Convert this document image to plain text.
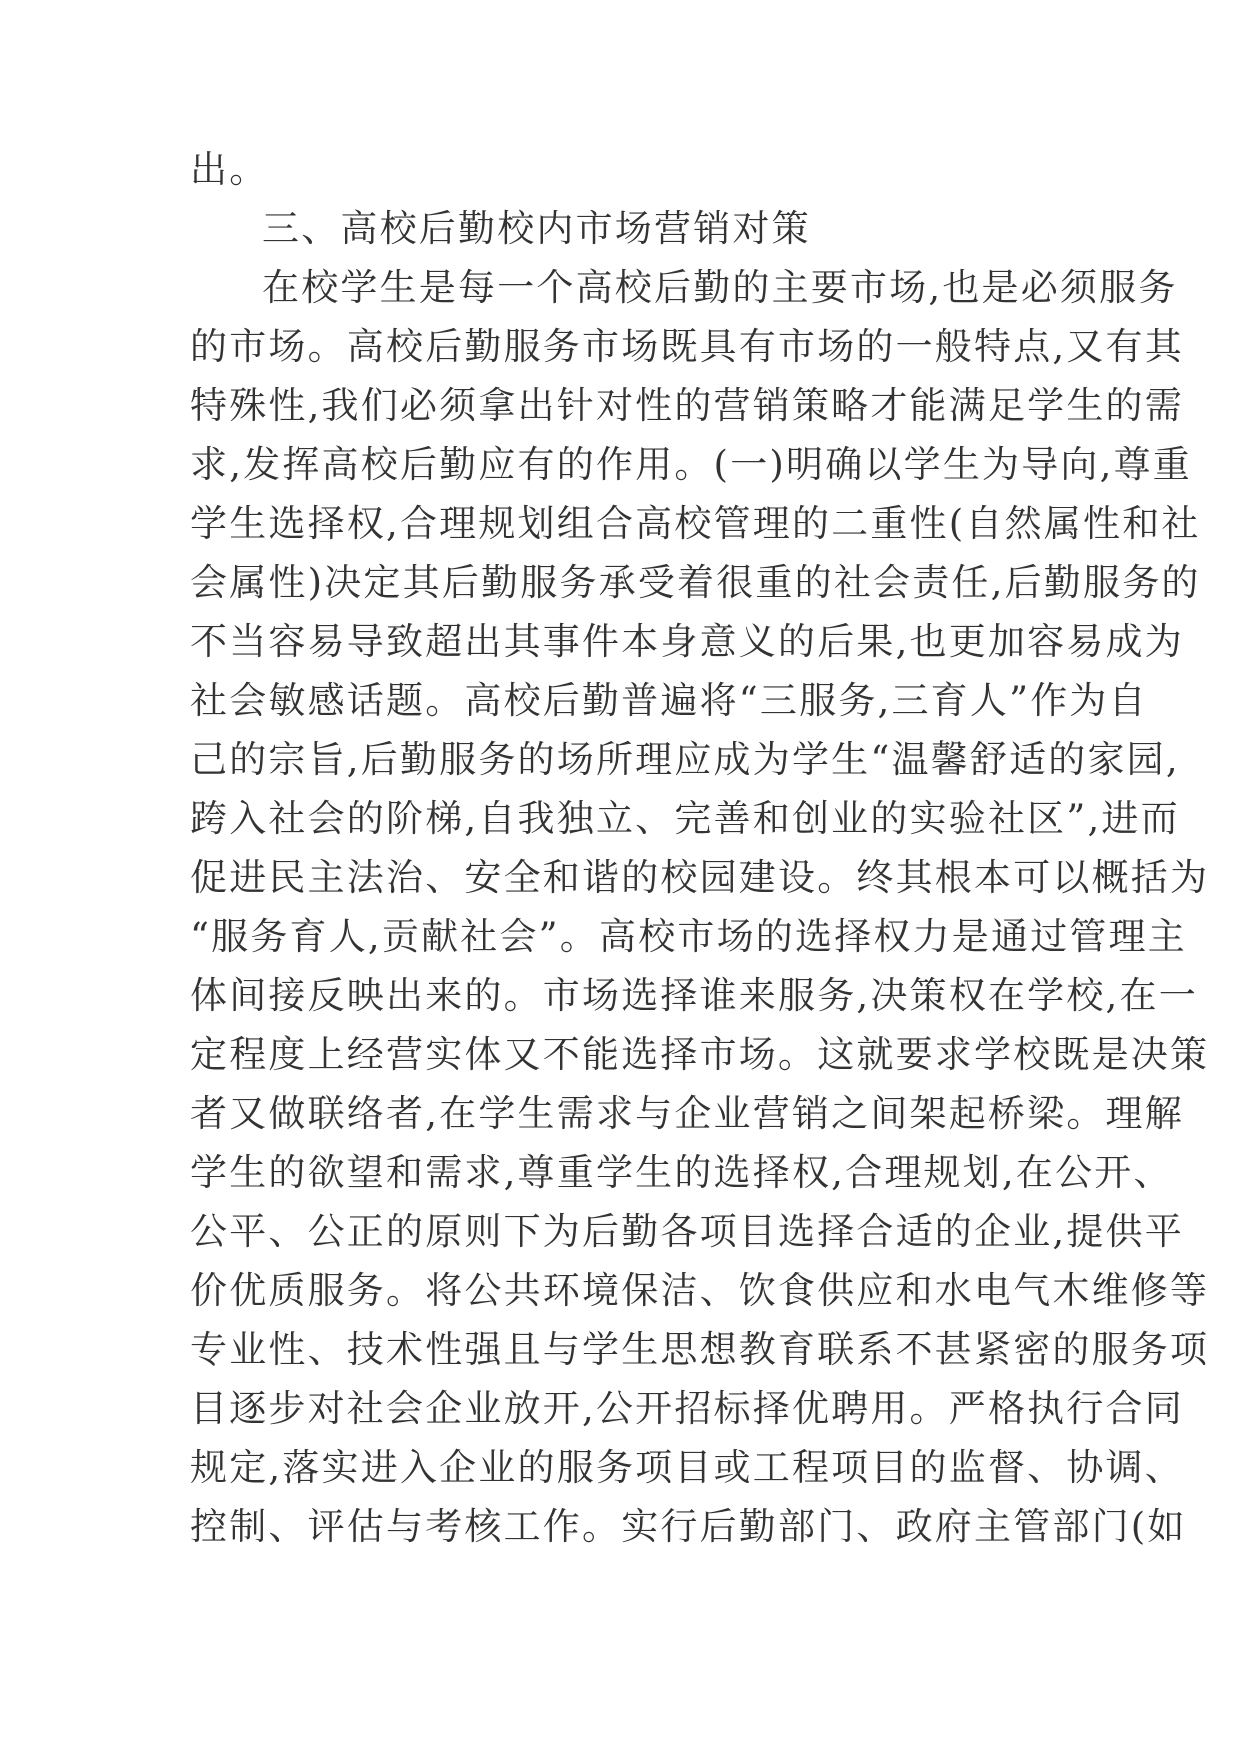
出。

三、高校后勤校内市场营销对策

在校学生是每一个高校后勤的主要市场,也是必须服务

的市场。高校后勤服务市场既具有市场的一般特点,又有其

特殊性,我们必须拿出针对性的营销策略才能满足学生的需

求,发挥高校后勤应有的作用。(一)明确以学生为导向,尊重

学生选择权,合理规划组合高校管理的二重性(自然属性和社

会属性)决定其后勤服务承受着很重的社会责任,后勤服务的

不当容易导致超出其事件本身意义的后果,也更加容易成为

社会敏感话题。高校后勤普遍将“三服务,三育人”作为自

己的宗旨,后勤服务的场所理应成为学生“温馨舒适的家园,

跨入社会的阶梯,自我独立、完善和创业的实验社区”,进而

促进民主法治、安全和谐的校园建设。终其根本可以概括为

“服务育人,贡献社会”。高校市场的选择权力是通过管理主

体间接反映出来的。市场选择谁来服务,决策权在学校,在一

定程度上经营实体又不能选择市场。这就要求学校既是决策

者又做联络者,在学生需求与企业营销之间架起桥梁。理解

学生的欲望和需求,尊重学生的选择权,合理规划,在公开、

公平、公正的原则下为后勤各项目选择合适的企业,提供平

价优质服务。将公共环境保洁、饮食供应和水电气木维修等

专业性、技术性强且与学生思想教育联系不甚紧密的服务项

目逐步对社会企业放开,公开招标择优聘用。严格执行合同

规定,落实进入企业的服务项目或工程项目的监督、协调、

控制、评估与考核工作。实行后勤部门、政府主管部门(如
